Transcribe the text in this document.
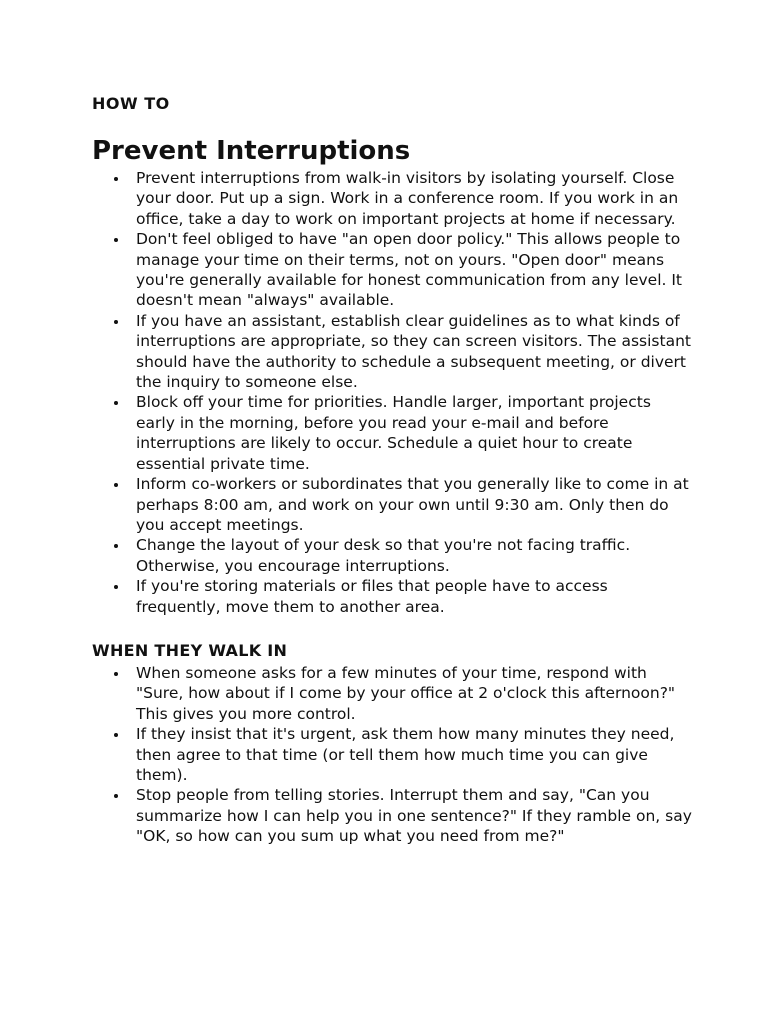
HOW TO

Prevent Interruptions
Prevent interruptions from walk-in visitors by isolating yourself. Close your door. Put up a sign. Work in a conference room. If you work in an office, take a day to work on important projects at home if necessary.
Don't feel obliged to have "an open door policy." This allows people to manage your time on their terms, not on yours. "Open door" means you're generally available for honest communication from any level. It doesn't mean "always" available.
If you have an assistant, establish clear guidelines as to what kinds of interruptions are appropriate, so they can screen visitors. The assistant should have the authority to schedule a subsequent meeting, or divert the inquiry to someone else.
Block off your time for priorities. Handle larger, important projects early in the morning, before you read your e-mail and before interruptions are likely to occur. Schedule a quiet hour to create essential private time.
Inform co-workers or subordinates that you generally like to come in at perhaps 8:00 am, and work on your own until 9:30 am. Only then do you accept meetings.
Change the layout of your desk so that you're not facing traffic. Otherwise, you encourage interruptions.
If you're storing materials or files that people have to access frequently, move them to another area.
WHEN THEY WALK IN
When someone asks for a few minutes of your time, respond with "Sure, how about if I come by your office at 2 o'clock this afternoon?" This gives you more control.
If they insist that it's urgent, ask them how many minutes they need, then agree to that time (or tell them how much time you can give them).
Stop people from telling stories. Interrupt them and say, "Can you summarize how I can help you in one sentence?" If they ramble on, say "OK, so how can you sum up what you need from me?"
